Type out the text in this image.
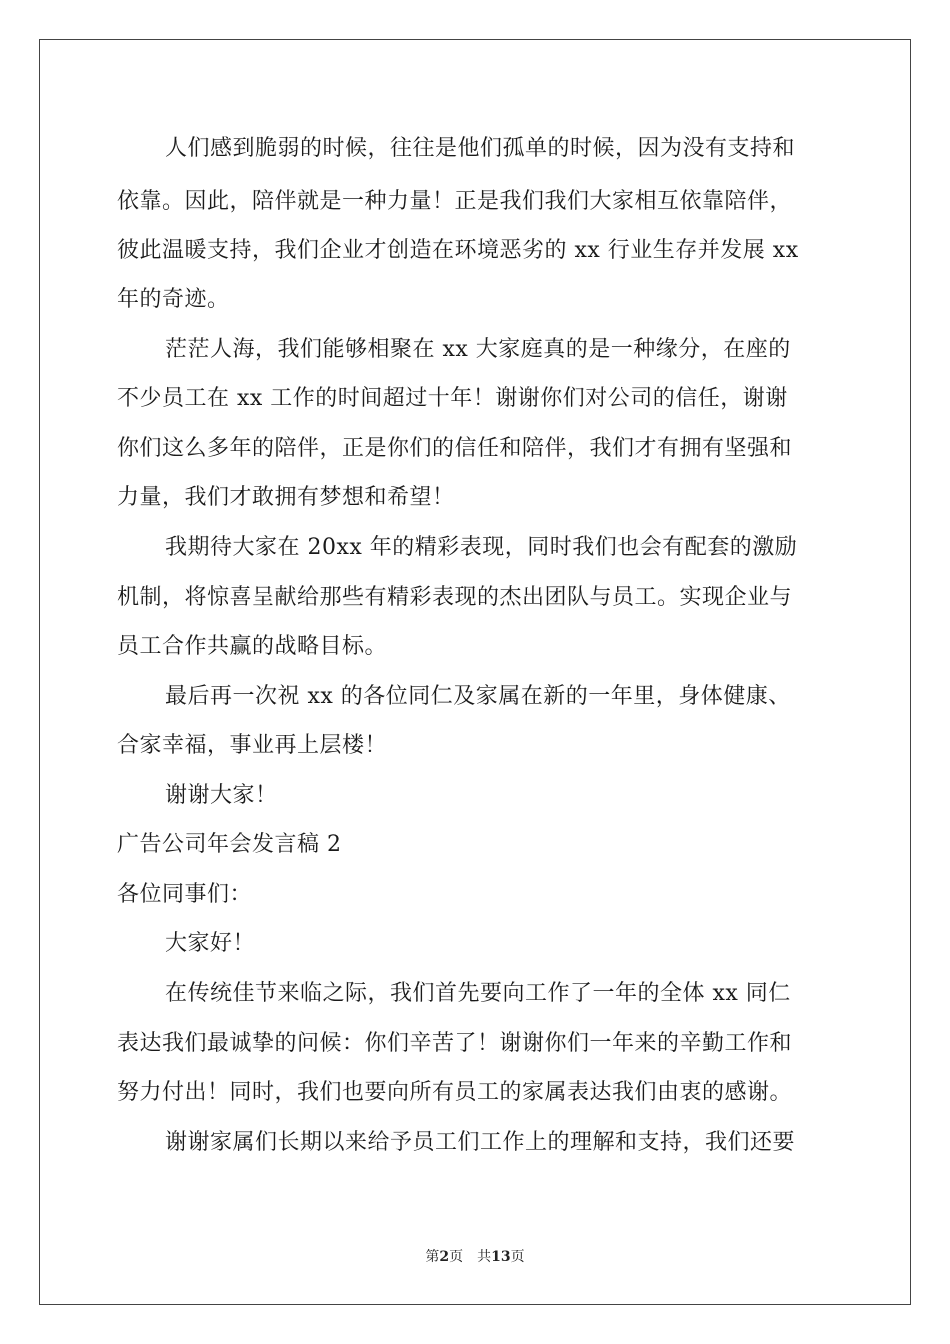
人们感到脆弱的时候，往往是他们孤单的时候，因为没有支持和
依靠。因此，陪伴就是一种力量！正是我们我们大家相互依靠陪伴，
彼此温暖支持，我们企业才创造在环境恶劣的 xx 行业生存并发展 xx
年的奇迹。
茫茫人海，我们能够相聚在 xx 大家庭真的是一种缘分，在座的
不少员工在 xx 工作的时间超过十年！谢谢你们对公司的信任，谢谢
你们这么多年的陪伴，正是你们的信任和陪伴，我们才有拥有坚强和
力量，我们才敢拥有梦想和希望！
我期待大家在 20xx 年的精彩表现，同时我们也会有配套的激励
机制，将惊喜呈献给那些有精彩表现的杰出团队与员工。实现企业与
员工合作共赢的战略目标。
最后再一次祝 xx 的各位同仁及家属在新的一年里，身体健康、
合家幸福，事业再上层楼！
谢谢大家！
广告公司年会发言稿 2
各位同事们：
大家好！
在传统佳节来临之际，我们首先要向工作了一年的全体 xx 同仁
表达我们最诚挚的问候：你们辛苦了！谢谢你们一年来的辛勤工作和
努力付出！同时，我们也要向所有员工的家属表达我们由衷的感谢。
谢谢家属们长期以来给予员工们工作上的理解和支持，我们还要
第2页 共13页
